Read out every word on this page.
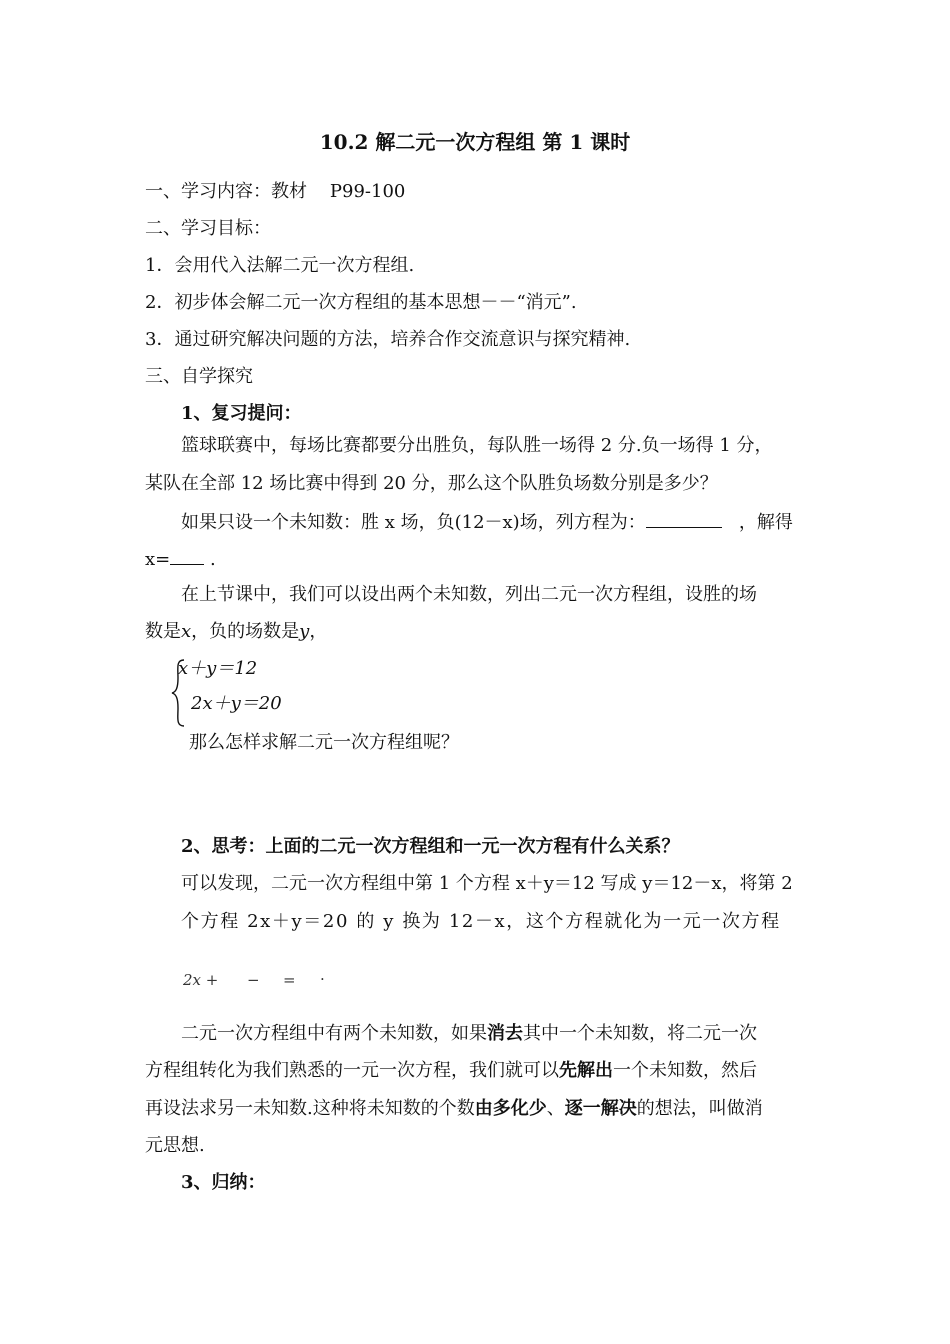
10.2 解二元一次方程组 第 1 课时
一、学习内容：教材 P99-100
二、学习目标：
1．会用代入法解二元一次方程组.
2．初步体会解二元一次方程组的基本思想－－“消元”.
3．通过研究解决问题的方法，培养合作交流意识与探究精神.
三、自学探究
1、复习提问：
篮球联赛中，每场比赛都要分出胜负，每队胜一场得 2 分.负一场得 1 分，
某队在全部 12 场比赛中得到 20 分，那么这个队胜负场数分别是多少？
如果只设一个未知数：胜 x 场，负(12－x)场，列方程为：	，解得
x= .
在上节课中，我们可以设出两个未知数，列出二元一次方程组，设胜的场
数是x，负的场数是y，
x＋y＝12
2x＋y＝20
那么怎样求解二元一次方程组呢？
2、思考：上面的二元一次方程组和一元一次方程有什么关系？
可以发现，二元一次方程组中第 1 个方程 x＋y＝12 写成 y＝12－x，将第 2
个方程 2x＋y＝20 的 y 换为 12－x，这个方程就化为一元一次方程
2x + − = .
二元一次方程组中有两个未知数，如果消去其中一个未知数，将二元一次
方程组转化为我们熟悉的一元一次方程，我们就可以先解出一个未知数，然后
再设法求另一未知数.这种将未知数的个数由多化少、逐一解决的想法，叫做消
元思想.
3、归纳：
